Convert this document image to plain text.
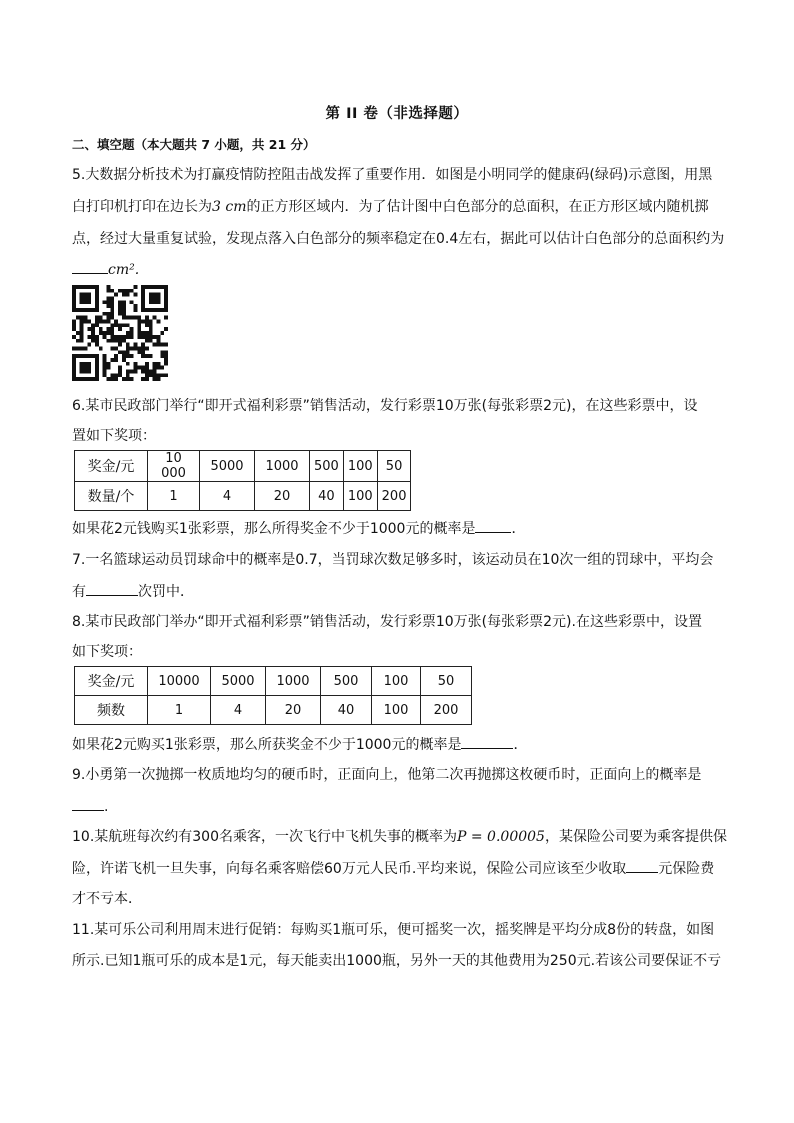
第 II 卷（非选择题）
二、填空题（本大题共 7 小题，共 21 分）
5.大数据分析技术为打赢疫情防控阻击战发挥了重要作用．如图是小明同学的健康码(绿码)示意图，用黑
白打印机打印在边长为3 cm的正方形区域内．为了估计图中白色部分的总面积，在正方形区域内随机掷
点，经过大量重复试验，发现点落入白色部分的频率稳定在0.4左右，据此可以估计白色部分的总面积约为
cm².
6.某市民政部门举行“即开式福利彩票”销售活动，发行彩票10万张(每张彩票2元)，在这些彩票中，设
置如下奖项：
奖金/元	10 000	5000	1000	500	100	50
数量/个	1	4	20	40	100	200
如果花2元钱购买1张彩票，那么所得奖金不少于1000元的概率是	．
7.一名篮球运动员罚球命中的概率是0.7，当罚球次数足够多时，该运动员在10次一组的罚球中，平均会
有	次罚中．
8.某市民政部门举办“即开式福利彩票”销售活动，发行彩票10万张(每张彩票2元).在这些彩票中，设置
如下奖项：
奖金/元	10000	5000	1000	500	100	50
频数	1	4	20	40	100	200
如果花2元购买1张彩票，那么所获奖金不少于1000元的概率是	．
9.小勇第一次抛掷一枚质地均匀的硬币时，正面向上，他第二次再抛掷这枚硬币时，正面向上的概率是
.
10.某航班每次约有300名乘客，一次飞行中飞机失事的概率为P = 0.00005，某保险公司要为乘客提供保
险，许诺飞机一旦失事，向每名乘客赔偿60万元人民币.平均来说，保险公司应该至少收取 元保险费
才不亏本．
11.某可乐公司利用周末进行促销：每购买1瓶可乐，便可摇奖一次，摇奖牌是平均分成8份的转盘，如图
所示.已知1瓶可乐的成本是1元，每天能卖出1000瓶，另外一天的其他费用为250元.若该公司要保证不亏
